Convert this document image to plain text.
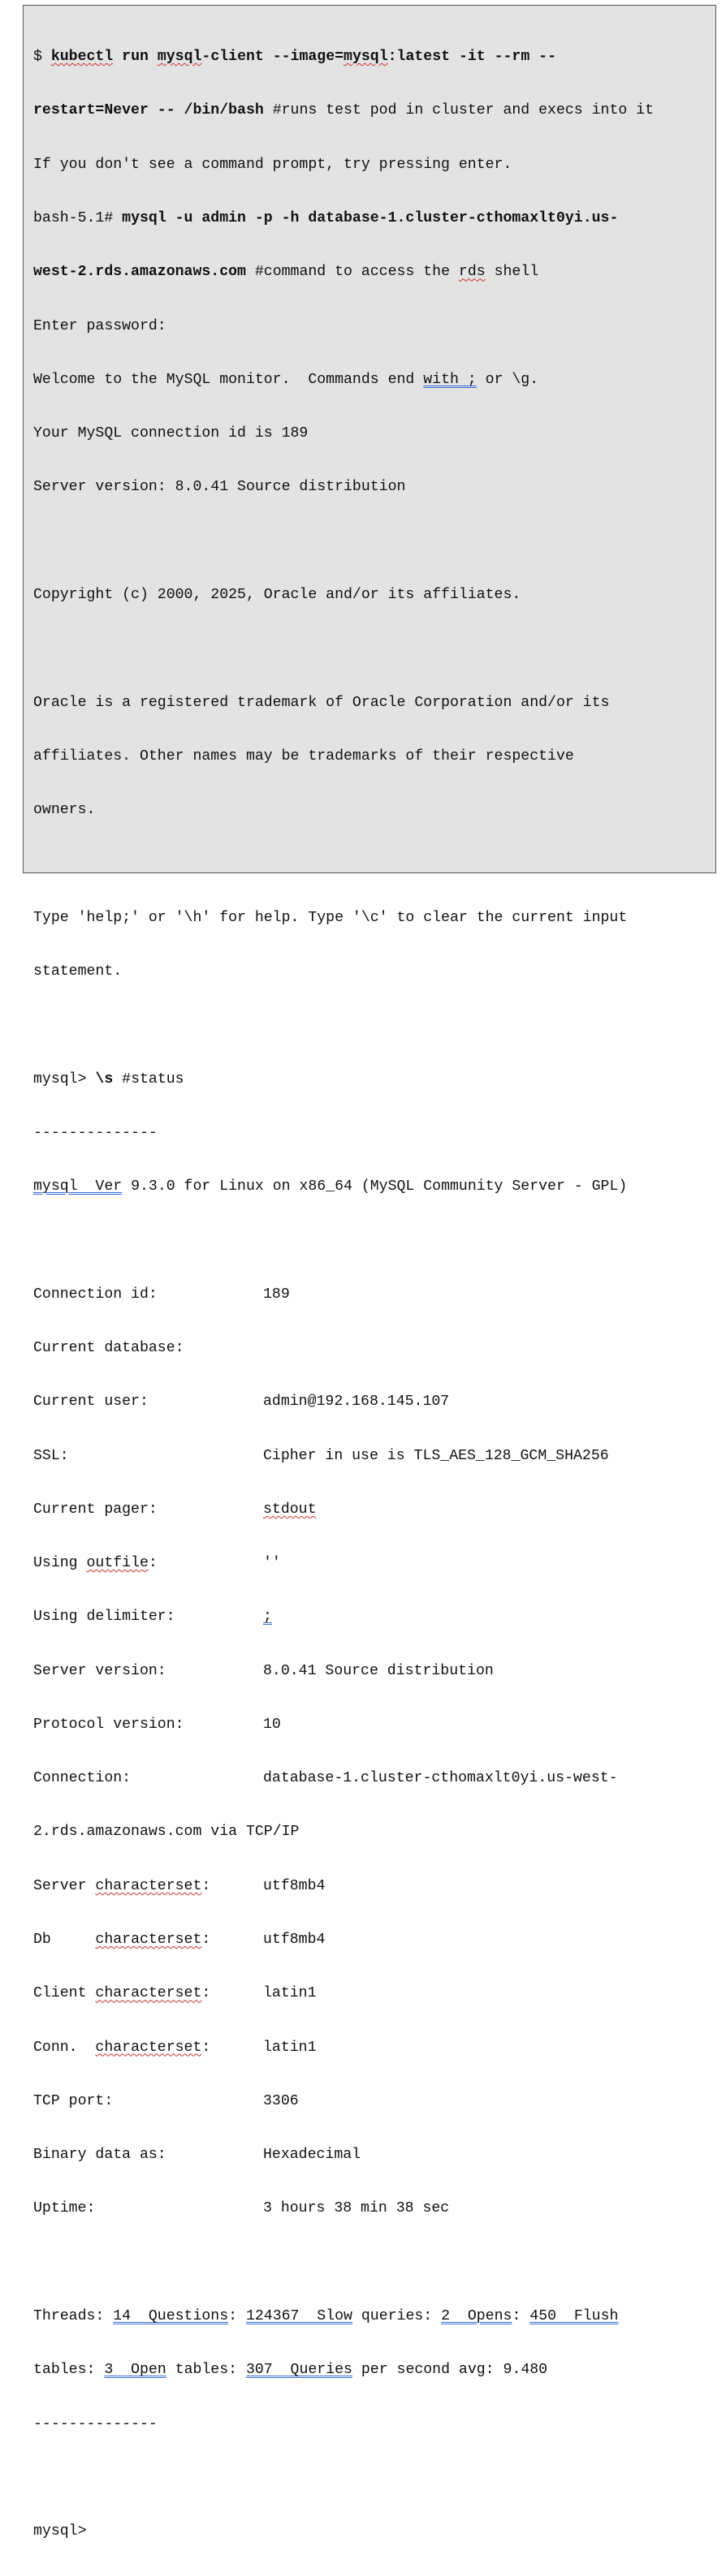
$ kubectl run mysql-client --image=mysql:latest -it --rm --

restart=Never -- /bin/bash #runs test pod in cluster and execs into it

If you don't see a command prompt, try pressing enter.

bash-5.1# mysql -u admin -p -h database-1.cluster-cthomaxlt0yi.us-

west-2.rds.amazonaws.com #command to access the rds shell

Enter password:

Welcome to the MySQL monitor.  Commands end with ; or \g.

Your MySQL connection id is 189

Server version: 8.0.41 Source distribution

Copyright (c) 2000, 2025, Oracle and/or its affiliates.

Oracle is a registered trademark of Oracle Corporation and/or its

affiliates. Other names may be trademarks of their respective

owners.

Type 'help;' or '\h' for help. Type '\c' to clear the current input

statement.

mysql> \s #status

--------------

mysql  Ver 9.3.0 for Linux on x86_64 (MySQL Community Server - GPL)

Connection id:	189

Current database:

Current user:	admin@192.168.145.107

SSL:	Cipher in use is TLS_AES_128_GCM_SHA256

Current pager:	stdout

Using outfile:	''

Using delimiter:	;

Server version:	8.0.41 Source distribution

Protocol version:	10

Connection:	database-1.cluster-cthomaxlt0yi.us-west-

2.rds.amazonaws.com via TCP/IP

Server characterset:	utf8mb4

Db     characterset:	utf8mb4

Client characterset:	latin1

Conn.  characterset:	latin1

TCP port:	3306

Binary data as:	Hexadecimal

Uptime:	3 hours 38 min 38 sec

Threads: 14  Questions: 124367  Slow queries: 2  Opens: 450  Flush

tables: 3  Open tables: 307  Queries per second avg: 9.480

--------------

mysql>
